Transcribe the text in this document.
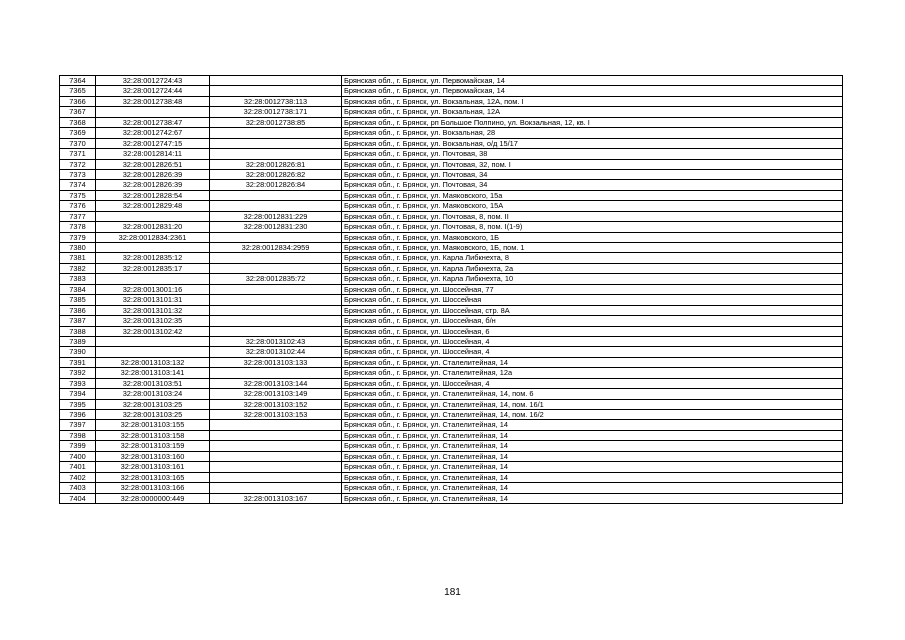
7364	32:28:0012724:43		Брянская обл., г. Брянск, ул. Первомайская, 14
7365	32:28:0012724:44		Брянская обл., г. Брянск, ул. Первомайская, 14
7366	32:28:0012738:48	32:28:0012738:113	Брянская обл., г. Брянск, ул. Вокзальная, 12А, пом. I
7367		32:28:0012738:171	Брянская обл., г. Брянск, ул. Вокзальная, 12А
7368	32:28:0012738:47	32:28:0012738:85	Брянская обл., г. Брянск, рп Большое Полпино, ул. Вокзальная, 12, кв. I
7369	32:28:0012742:67		Брянская обл., г. Брянск, ул. Вокзальная, 28
7370	32:28:0012747:15		Брянская обл., г. Брянск, ул. Вокзальная, о/д 15/17
7371	32:28:0012814:11		Брянская обл., г. Брянск, ул. Почтовая, 38
7372	32:28:0012826:51	32:28:0012826:81	Брянская обл., г. Брянск, ул. Почтовая, 32, пом. I
7373	32:28:0012826:39	32:28:0012826:82	Брянская обл., г. Брянск, ул. Почтовая, 34
7374	32:28:0012826:39	32:28:0012826:84	Брянская обл., г. Брянск, ул. Почтовая, 34
7375	32:28:0012828:54		Брянская обл., г. Брянск, ул. Маяковского, 15а
7376	32:28:0012829:48		Брянская обл., г. Брянск, ул. Маяковского, 15А
7377		32:28:0012831:229	Брянская обл., г. Брянск, ул. Почтовая, 8, пом. II
7378	32:28:0012831:20	32:28:0012831:230	Брянская обл., г. Брянск, ул. Почтовая, 8, пом. I(1-9)
7379	32:28:0012834:2361		Брянская обл., г. Брянск, ул. Маяковского, 1Б
7380		32:28:0012834:2959	Брянская обл., г. Брянск, ул. Маяковского, 1Б, пом. 1
7381	32:28:0012835:12		Брянская обл., г. Брянск, ул. Карла Либкнехта, 8
7382	32:28:0012835:17		Брянская обл., г. Брянск, ул. Карла Либкнехта, 2а
7383		32:28:0012835:72	Брянская обл., г. Брянск, ул. Карла Либкнехта, 10
7384	32:28:0013001:16		Брянская обл., г. Брянск, ул. Шоссейная, 77
7385	32:28:0013101:31		Брянская обл., г. Брянск, ул. Шоссейная
7386	32:28:0013101:32		Брянская обл., г. Брянск, ул. Шоссейная, стр. 8А
7387	32:28:0013102:35		Брянская обл., г. Брянск, ул. Шоссейная, б/н
7388	32:28:0013102:42		Брянская обл., г. Брянск, ул. Шоссейная, 6
7389		32:28:0013102:43	Брянская обл., г. Брянск, ул. Шоссейная, 4
7390		32:28:0013102:44	Брянская обл., г. Брянск, ул. Шоссейная, 4
7391	32:28:0013103:132	32:28:0013103:133	Брянская обл., г. Брянск, ул. Сталелитейная, 14
7392	32:28:0013103:141		Брянская обл., г. Брянск, ул. Сталелитейная, 12а
7393	32:28:0013103:51	32:28:0013103:144	Брянская обл., г. Брянск, ул. Шоссейная, 4
7394	32:28:0013103:24	32:28:0013103:149	Брянская обл., г. Брянск, ул. Сталелитейная, 14, пом. 6
7395	32:28:0013103:25	32:28:0013103:152	Брянская обл., г. Брянск, ул. Сталелитейная, 14, пом. 16/1
7396	32:28:0013103:25	32:28:0013103:153	Брянская обл., г. Брянск, ул. Сталелитейная, 14, пом. 16/2
7397	32:28:0013103:155		Брянская обл., г. Брянск, ул. Сталелитейная, 14
7398	32:28:0013103:158		Брянская обл., г. Брянск, ул. Сталелитейная, 14
7399	32:28:0013103:159		Брянская обл., г. Брянск, ул. Сталелитейная, 14
7400	32:28:0013103:160		Брянская обл., г. Брянск, ул. Сталелитейная, 14
7401	32:28:0013103:161		Брянская обл., г. Брянск, ул. Сталелитейная, 14
7402	32:28:0013103:165		Брянская обл., г. Брянск, ул. Сталелитейная, 14
7403	32:28:0013103:166		Брянская обл., г. Брянск, ул. Сталелитейная, 14
7404	32:28:0000000:449	32:28:0013103:167	Брянская обл., г. Брянск, ул. Сталелитейная, 14
181
